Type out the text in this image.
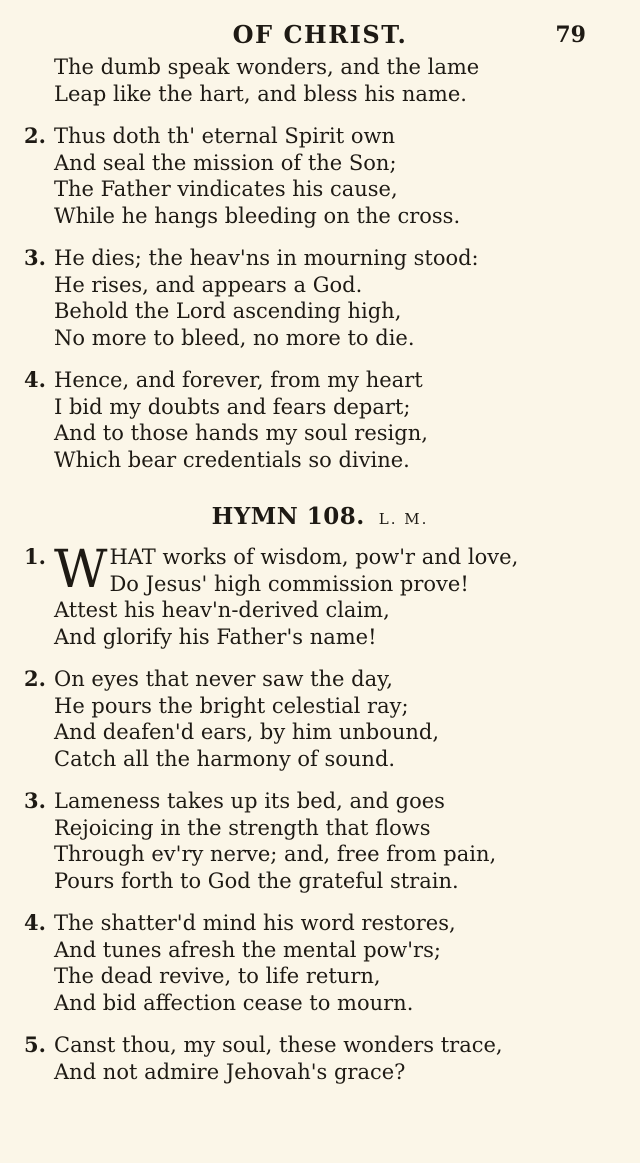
OF CHRIST.	79
The dumb speak wonders, and the lame
Leap like the hart, and bless his name.
2. Thus doth th' eternal Spirit own
And seal the mission of the Son;
The Father vindicates his cause,
While he hangs bleeding on the cross.
3. He dies; the heav'ns in mourning stood:
He rises, and appears a God.
Behold the Lord ascending high,
No more to bleed, no more to die.
4. Hence, and forever, from my heart
I bid my doubts and fears depart;
And to those hands my soul resign,
Which bear credentials so divine.
HYMN 108. L. M.
1. W HAT works of wisdom, pow'r and love,
Do Jesus' high commission prove!
Attest his heav'n-derived claim,
And glorify his Father's name!
2. On eyes that never saw the day,
He pours the bright celestial ray;
And deafen'd ears, by him unbound,
Catch all the harmony of sound.
3. Lameness takes up its bed, and goes
Rejoicing in the strength that flows
Through ev'ry nerve; and, free from pain,
Pours forth to God the grateful strain.
4. The shatter'd mind his word restores,
And tunes afresh the mental pow'rs;
The dead revive, to life return,
And bid affection cease to mourn.
5. Canst thou, my soul, these wonders trace,
And not admire Jehovah's grace?
